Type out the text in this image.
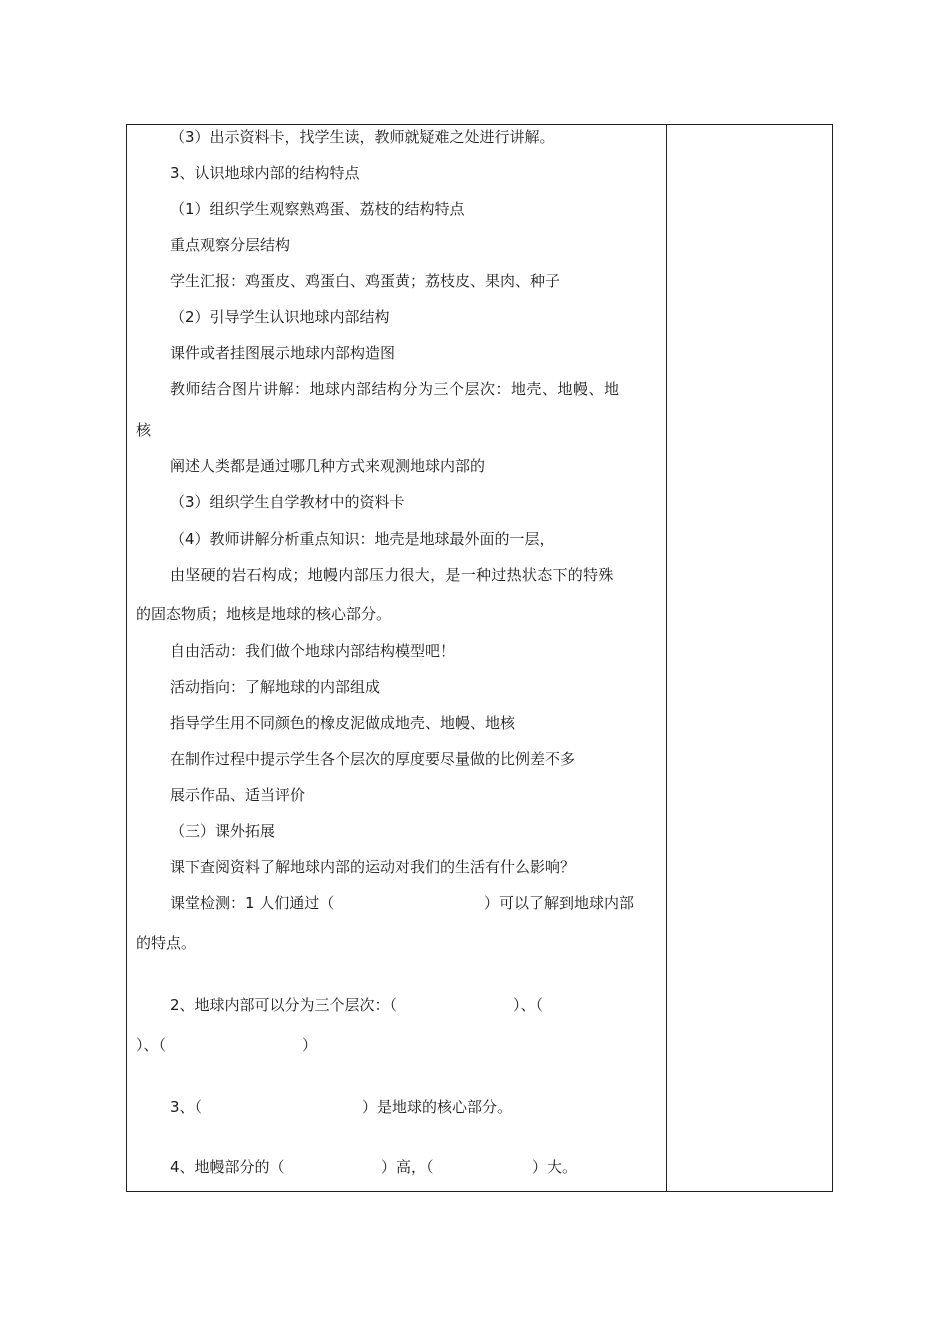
（3）出示资料卡，找学生读，教师就疑难之处进行讲解。
3、认识地球内部的结构特点
（1）组织学生观察熟鸡蛋、荔枝的结构特点
重点观察分层结构
学生汇报：鸡蛋皮、鸡蛋白、鸡蛋黄；荔枝皮、果肉、种子
（2）引导学生认识地球内部结构
课件或者挂图展示地球内部构造图
教师结合图片讲解：地球内部结构分为三个层次：地壳、地幔、地
核
阐述人类都是通过哪几种方式来观测地球内部的
（3）组织学生自学教材中的资料卡
（4）教师讲解分析重点知识：地壳是地球最外面的一层，
由坚硬的岩石构成；地幔内部压力很大，是一种过热状态下的特殊
的固态物质；地核是地球的核心部分。
自由活动：我们做个地球内部结构模型吧！
活动指向：了解地球的内部组成
指导学生用不同颜色的橡皮泥做成地壳、地幔、地核
在制作过程中提示学生各个层次的厚度要尽量做的比例差不多
展示作品、适当评价
（三）课外拓展
课下查阅资料了解地球内部的运动对我们的生活有什么影响？
课堂检测：1 人们通过（	）可以了解到地球内部
的特点。
2、地球内部可以分为三个层次：（	）、（
）、（	）
3、（	）是地球的核心部分。
4、地幔部分的（	）高，（	）大。
